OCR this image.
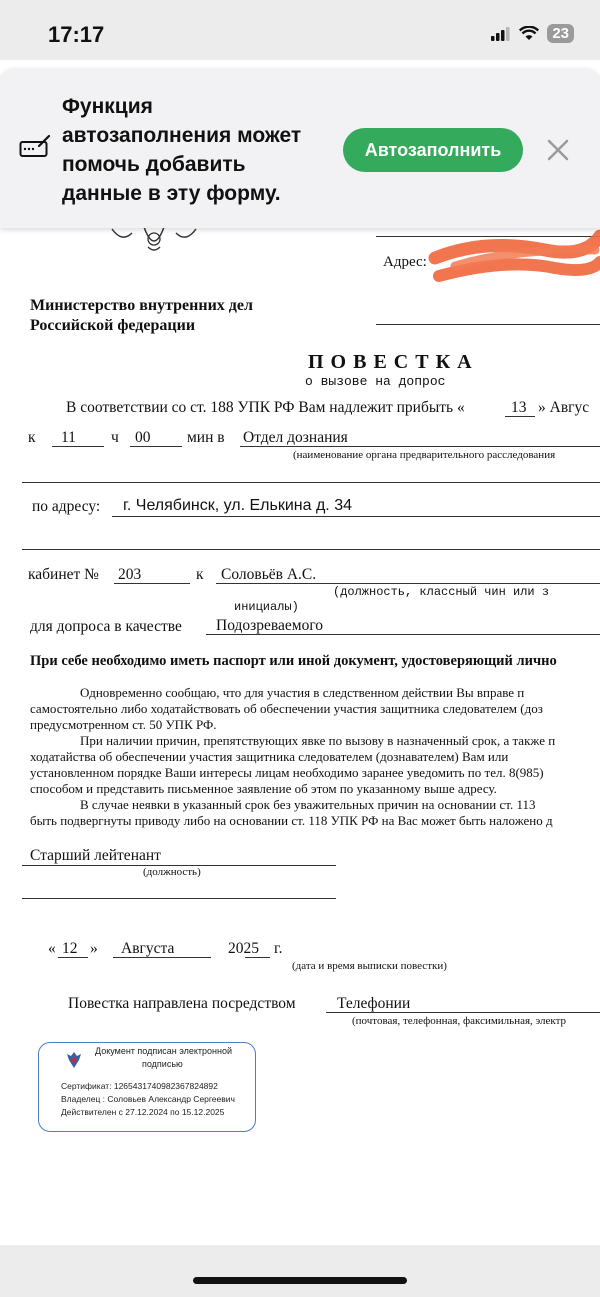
17:17	23
Адрес:
Министерство внутренних дел
Российской федерации
ПОВЕСТКА
о вызове на допрос
В соответствии со ст. 188 УПК РФ Вам надлежит прибыть «	13 » Авгус
к 11 ч 00 мин в Отдел дознания
(наименование органа предварительного расследования
по адресу: г. Челябинск, ул. Елькина д. 34
кабинет № 203	к Соловьёв А.С.
(должность, классный чин или з
инициалы)
для допроса в качестве Подозреваемого
При себе необходимо иметь паспорт или иной документ, удостоверяющий лично
Одновременно сообщаю, что для участия в следственном действии Вы вправе п
самостоятельно либо ходатайствовать об обеспечении участия защитника следователем (доз
предусмотренном ст. 50 УПК РФ.
При наличии причин, препятствующих явке по вызову в назначенный срок, а также п
ходатайства об обеспечении участия защитника следователем (дознавателем) Вам или
установленном порядке Ваши интересы лицам необходимо заранее уведомить по тел. 8(985)
способом и представить письменное заявление об этом по указанному выше адресу.
В случае неявки в указанный срок без уважительных причин на основании ст. 113
быть подвергнуты приводу либо на основании ст. 118 УПК РФ на Вас может быть наложено д
Старший лейтенант
(должность)
« 12 » Августа	2025 г.
(дата и время выписки повестки)
Повестка направлена посредством	Телефонии
(почтовая, телефонная, факсимильная, электр
Документ подписан электронной
подписью
Сертификат: 126543174098236782489​2
Владелец : Соловьев Александр Сергеевич
Действителен с 27.12.2024 по 15.12.2025
Функция автозаполнения может помочь добавить данные в эту форму.
Автозаполнить
